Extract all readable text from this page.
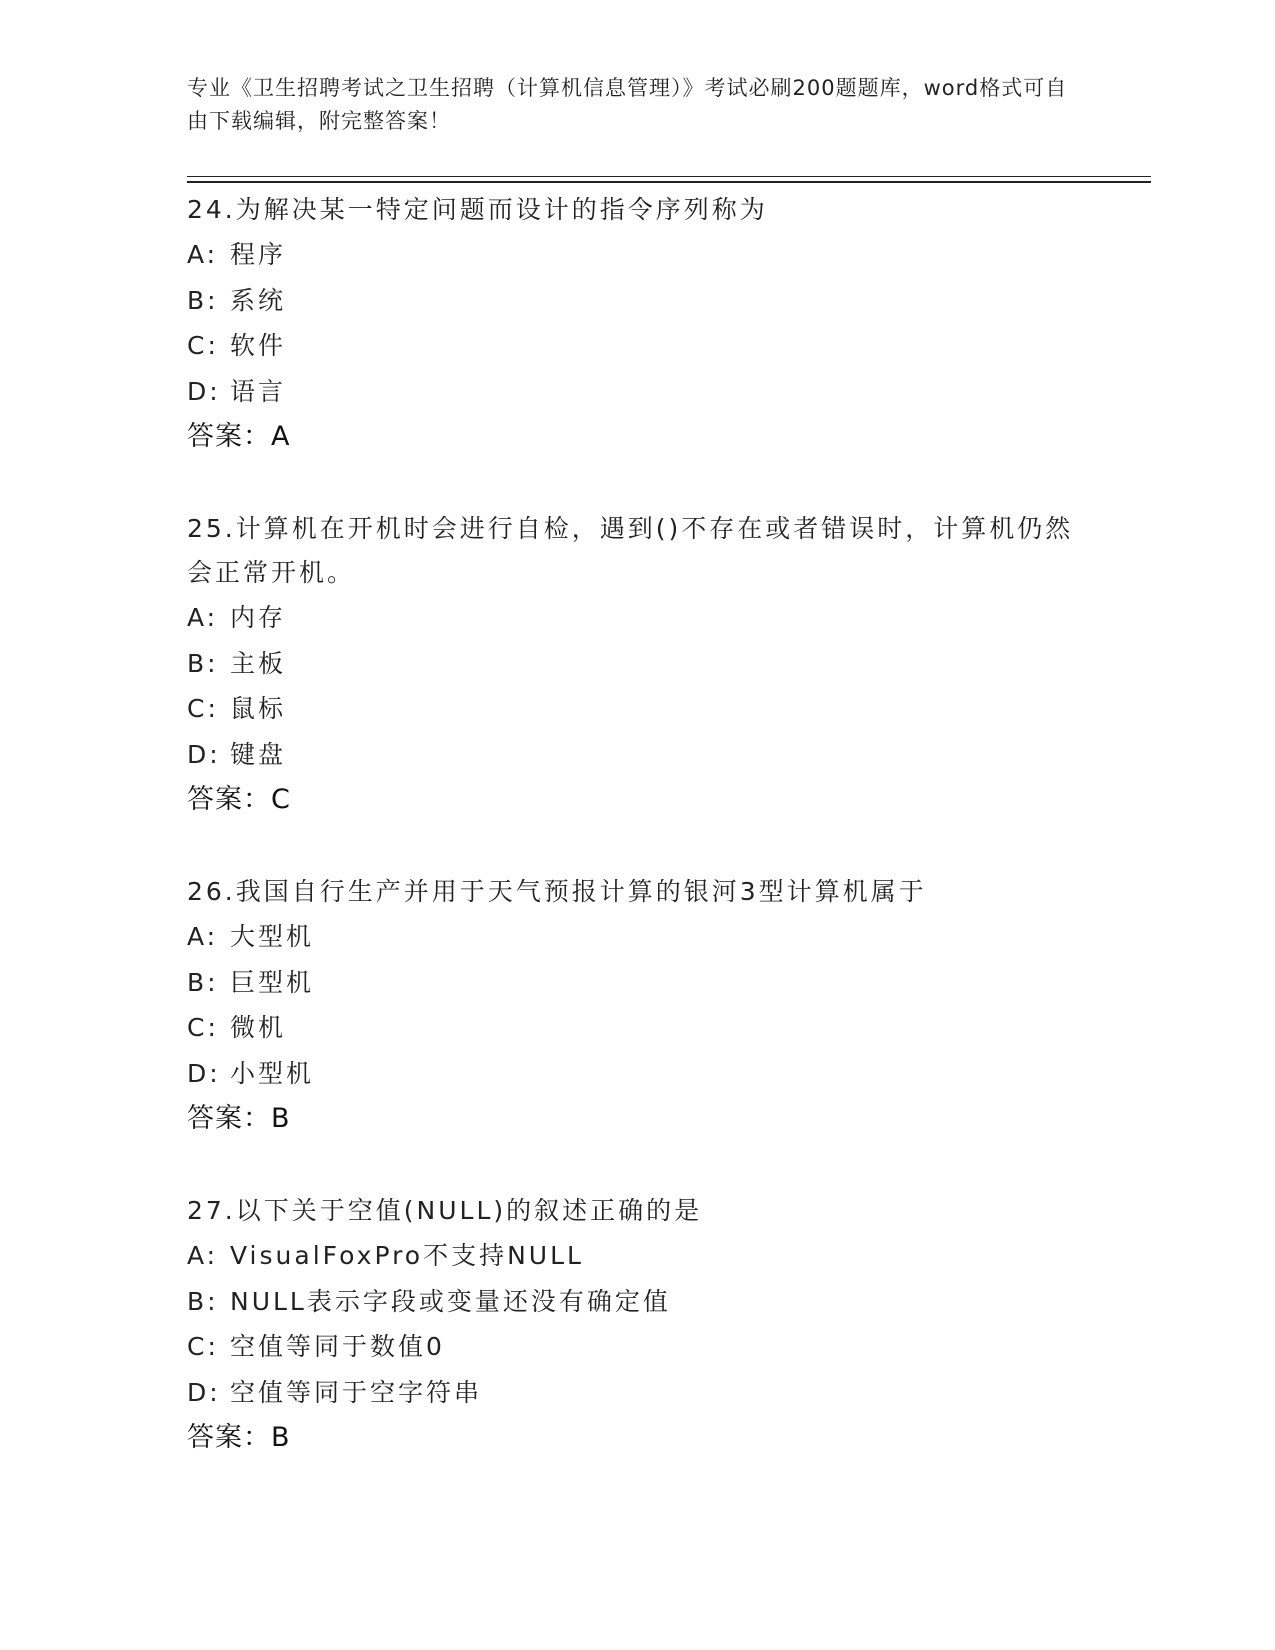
专业《卫生招聘考试之卫生招聘（计算机信息管理）》考试必刷200题题库，word格式可自由下载编辑，附完整答案！

24.为解决某一特定问题而设计的指令序列称为

A: 程序
B: 系统
C: 软件
D: 语言
答案：A

25.计算机在开机时会进行自检，遇到()不存在或者错误时，计算机仍然会正常开机。

A: 内存
B: 主板
C: 鼠标
D: 键盘
答案：C

26.我国自行生产并用于天气预报计算的银河3型计算机属于

A: 大型机
B: 巨型机
C: 微机
D: 小型机
答案：B

27.以下关于空值(NULL)的叙述正确的是

A: VisualFoxPro不支持NULL
B: NULL表示字段或变量还没有确定值
C: 空值等同于数值0
D: 空值等同于空字符串
答案：B
